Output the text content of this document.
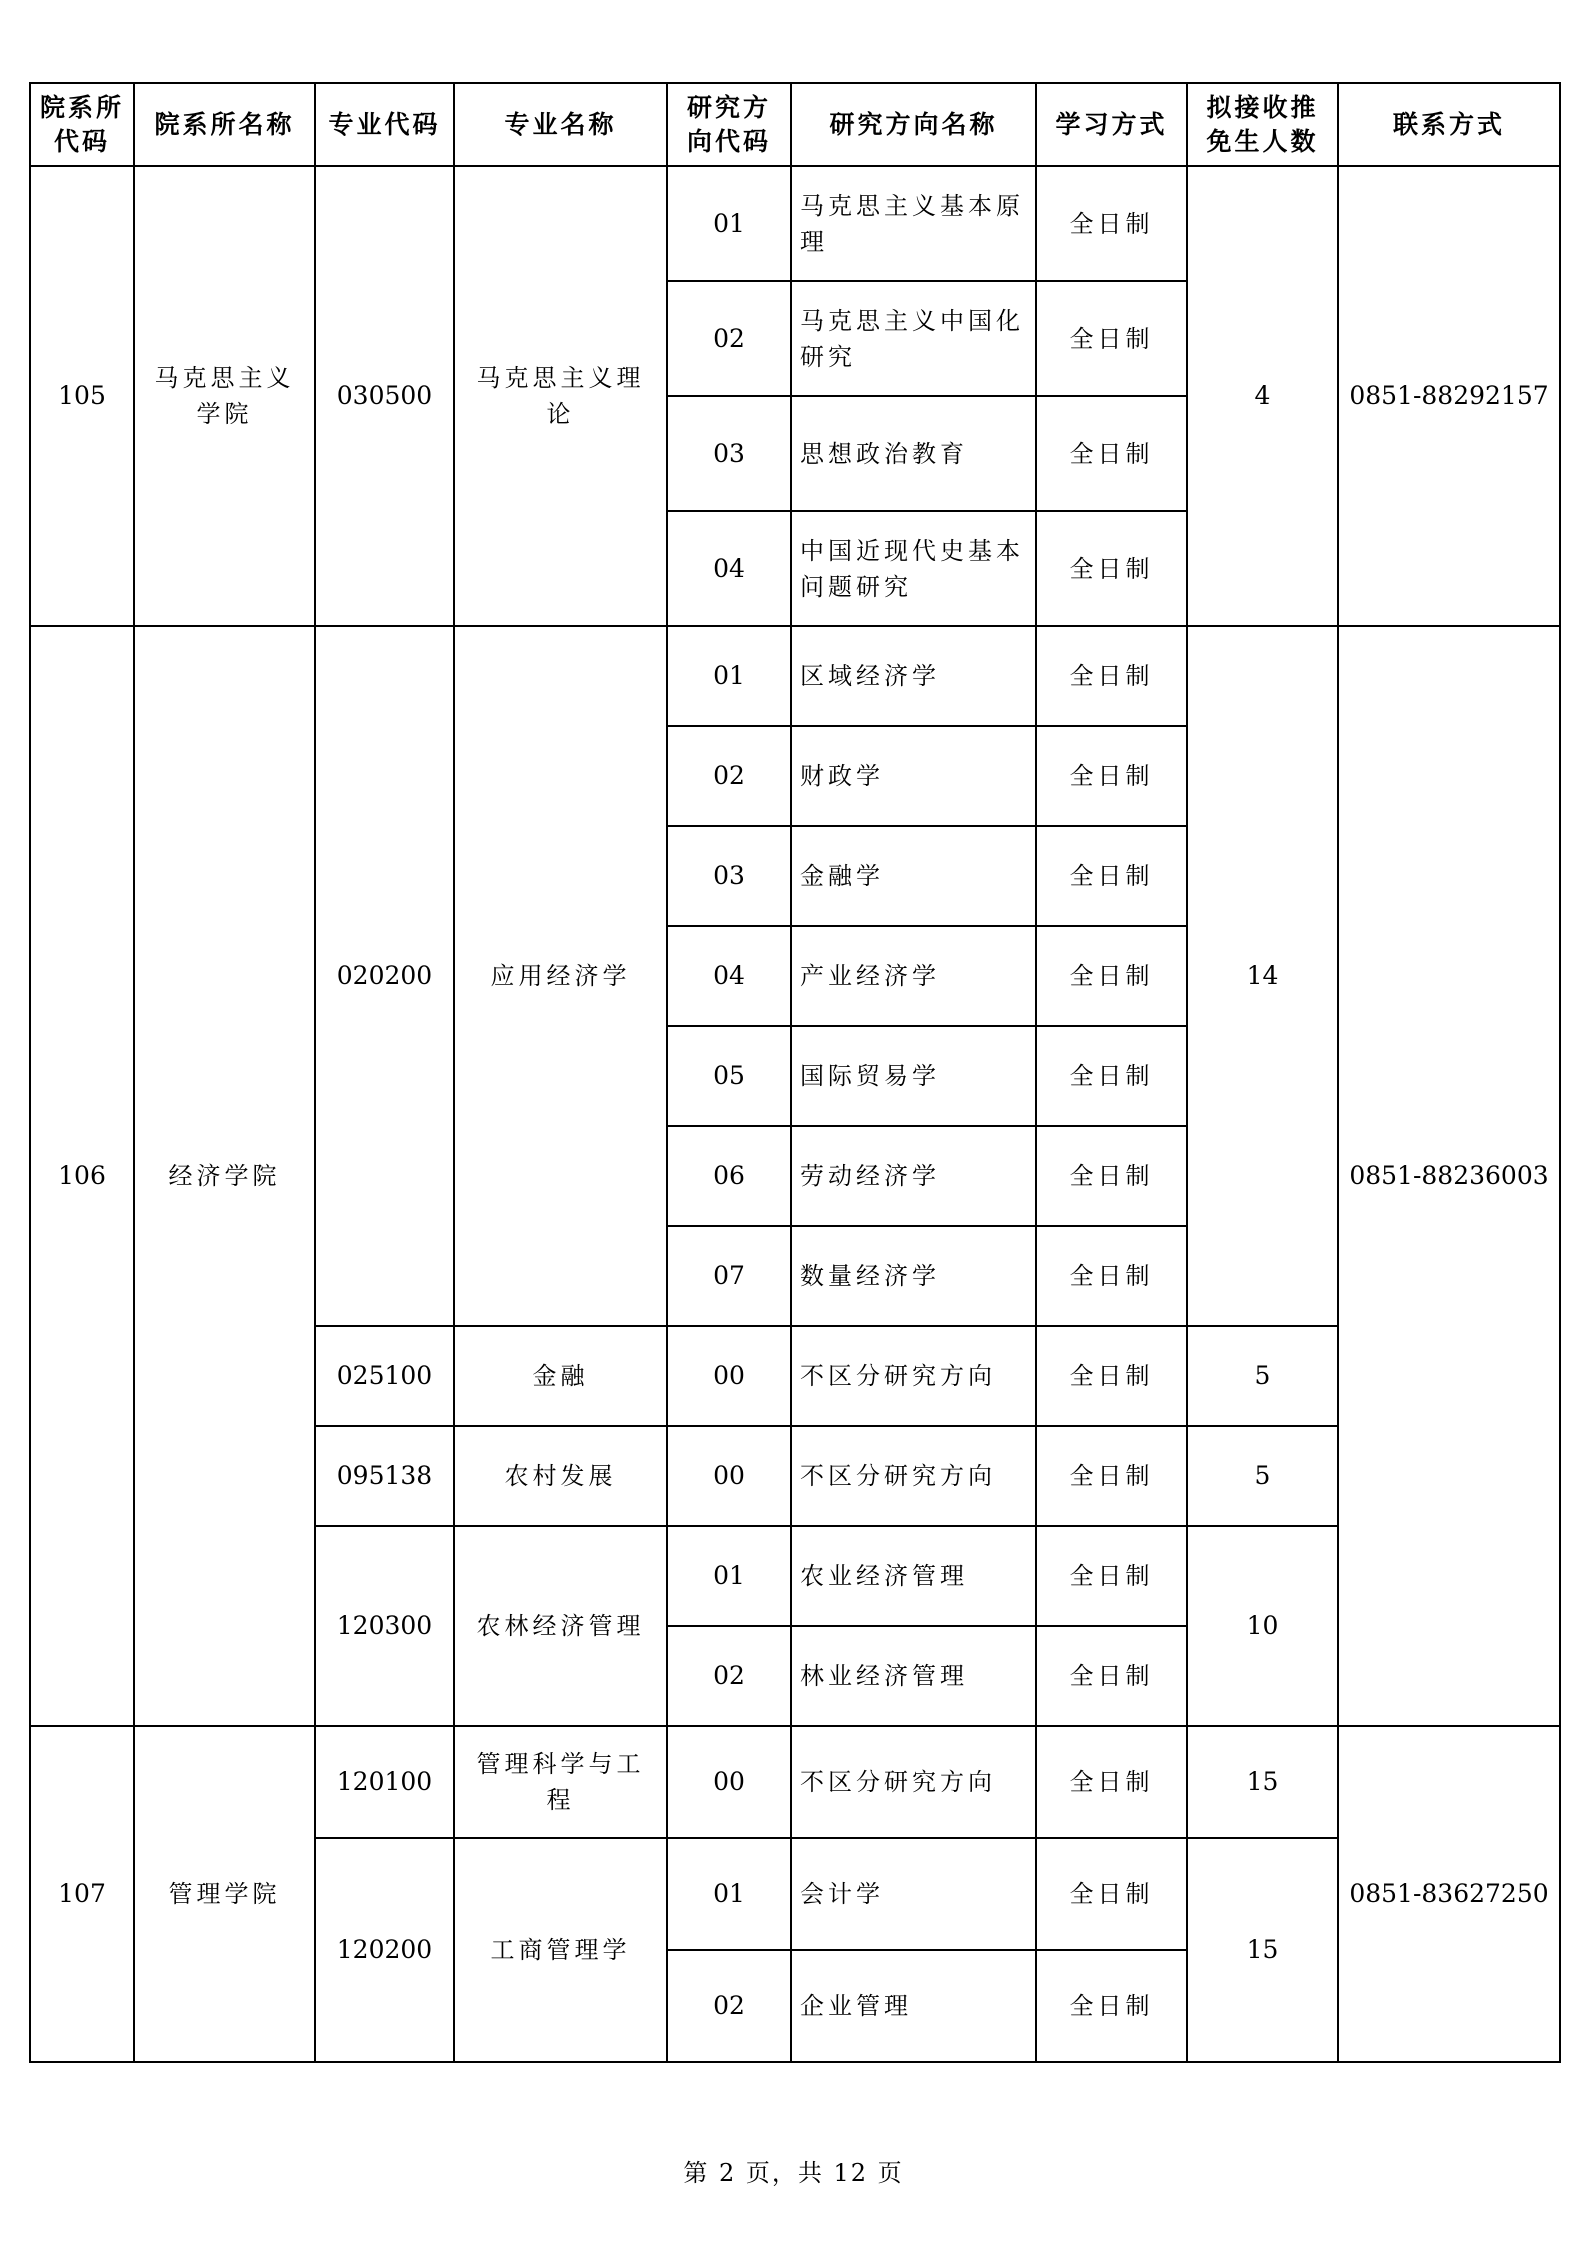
院系所代码	院系所名称	专业代码	专业名称	研究方向代码	研究方向名称	学习方式	拟接收推免生人数	联系方式
105	马克思主义学院	030500	马克思主义理论	01	马克思主义基本原理	全日制	4	0851-88292157
				02	马克思主义中国化研究	全日制		
				03	思想政治教育	全日制		
				04	中国近现代史基本问题研究	全日制		
106	经济学院	020200	应用经济学	01	区域经济学	全日制	14	0851-88236003
				02	财政学	全日制		
				03	金融学	全日制		
				04	产业经济学	全日制		
				05	国际贸易学	全日制		
				06	劳动经济学	全日制		
				07	数量经济学	全日制		
		025100	金融	00	不区分研究方向	全日制	5	
		095138	农村发展	00	不区分研究方向	全日制	5	
		120300	农林经济管理	01	农业经济管理	全日制	10	
				02	林业经济管理	全日制		
107	管理学院	120100	管理科学与工程	00	不区分研究方向	全日制	15	0851-83627250
		120200	工商管理学	01	会计学	全日制	15	
				02	企业管理	全日制		
第 2 页，共 12 页
